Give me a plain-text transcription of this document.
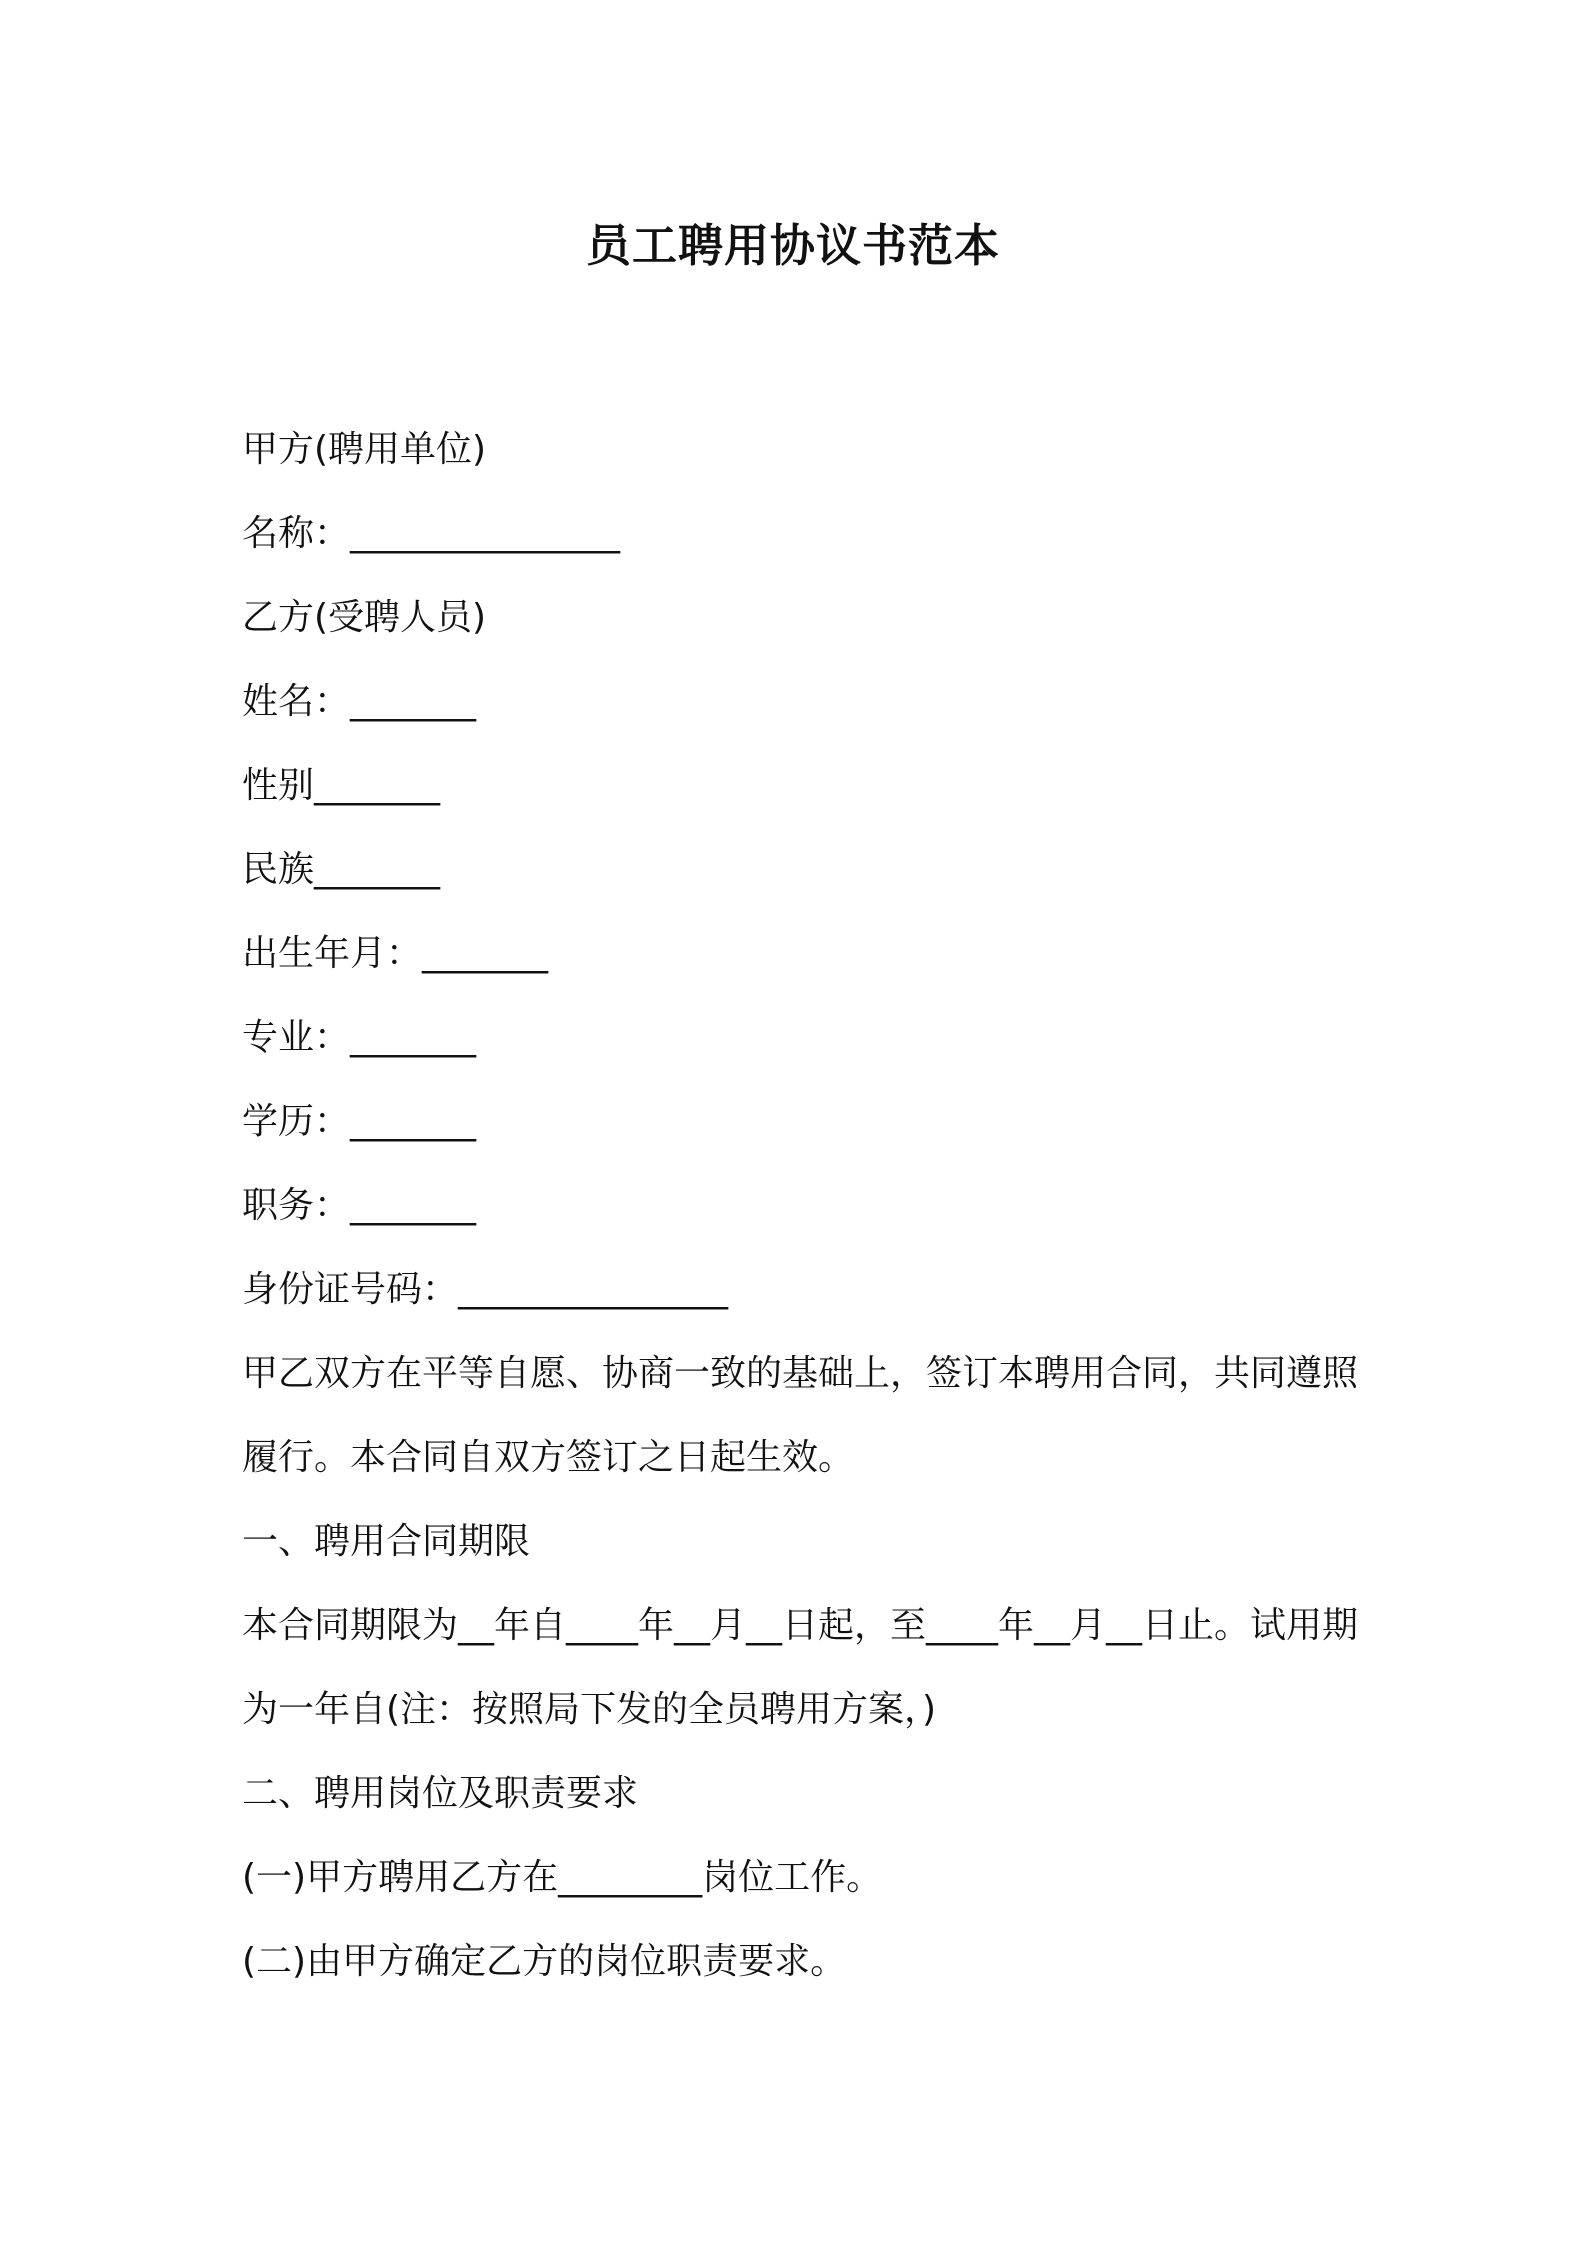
员工聘用协议书范本

甲方(聘用单位)

名称：_______________

乙方(受聘人员)

姓名：_______

性别_______

民族_______

出生年月：_______

专业：_______

学历：_______

职务：_______

身份证号码：_______________

甲乙双方在平等自愿、协商一致的基础上，签订本聘用合同，共同遵照履行。本合同自双方签订之日起生效。

一、聘用合同期限

本合同期限为__年自____年__月__日起，至____年__月__日止。试用期为一年自(注：按照局下发的全员聘用方案，)

二、聘用岗位及职责要求

(一)甲方聘用乙方在________岗位工作。

(二)由甲方确定乙方的岗位职责要求。
